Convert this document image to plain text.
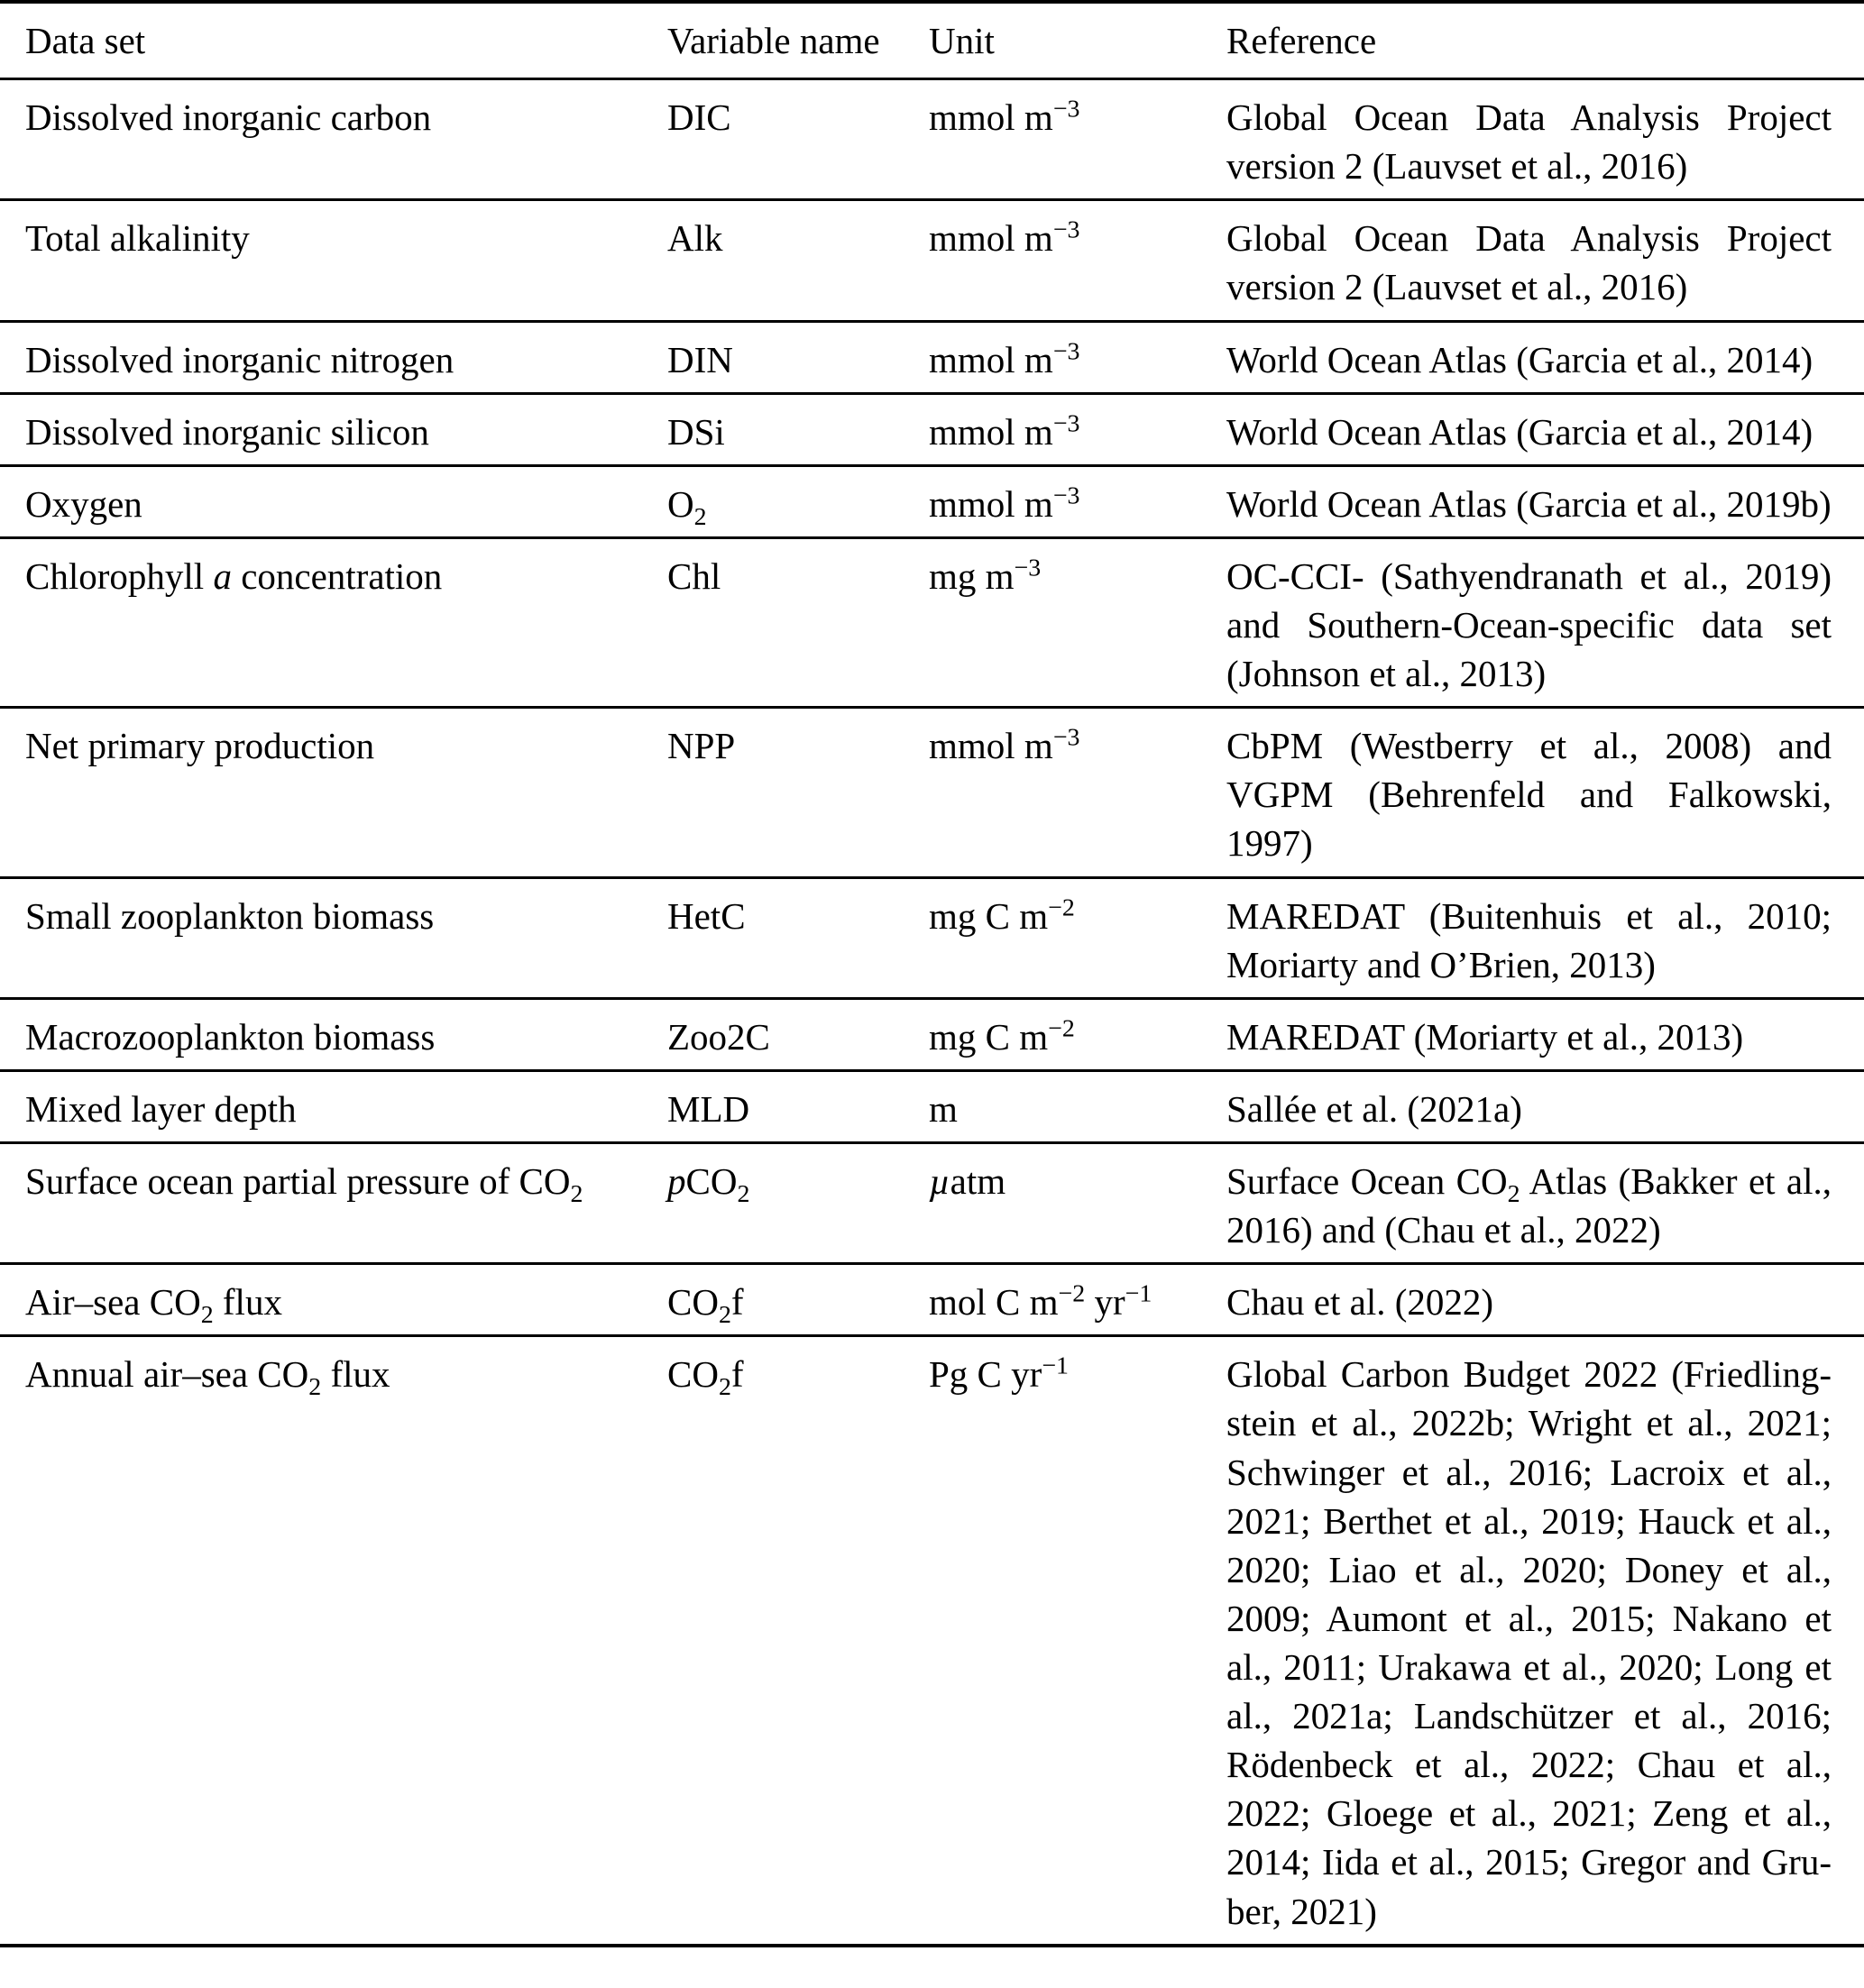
Data set	Variable name	Unit	Reference
Dissolved inorganic carbon	DIC	mmol $m^{-3}$	Global Ocean Data Analysis Project version 2 (Lauvset et al., 2016)
Total alkalinity	Alk	mmol $m^{-3}$	Global Ocean Data Analysis Project version 2 (Lauvset et al., 2016)
Dissolved inorganic nitrogen	DIN	mmol $m^{-3}$	World Ocean Atlas (Garcia et al., 2014)
Dissolved inorganic silicon	DSi	mmol $m^{-3}$	World Ocean Atlas (Garcia et al., 2014)
Oxygen	$O_2$	mmol $m^{-3}$	World Ocean Atlas (Garcia et al., 2019b)
Chlorophyll a concentration	Chl	mg $m^{-3}$	OC-CCI- (Sathyendranath et al., 2019) and Southern-Ocean-specific data set (Johnson et al., 2013)
Net primary production	NPP	mmol $m^{-3}$	CbPM (Westberry et al., 2008) and VGPM (Behrenfeld and Falkowski, 1997)
Small zooplankton biomass	HetC	mg C $m^{-2}$	MAREDAT (Buitenhuis et al., 2010; Moriarty and O’Brien, 2013)
Macrozooplankton biomass	Zoo2C	mg C $m^{-2}$	MAREDAT (Moriarty et al., 2013)
Mixed layer depth	MLD	m	Sallée et al. (2021a)
Surface ocean partial pressure of $CO_2$	pCO$_2$	µatm	Surface Ocean $CO_2$ Atlas (Bakker et al., 2016) and (Chau et al., 2022)
Air–sea $CO_2$ flux	$CO_2f$	mol C $m^{-2}$ $yr^{-1}$	Chau et al. (2022)
Annual air–sea $CO_2$ flux	$CO_2f$	Pg C $yr^{-1}$	Global Carbon Budget 2022 (Friedlingstein et al., 2022b; Wright et al., 2021; Schwinger et al., 2016; Lacroix et al., 2021; Berthet et al., 2019; Hauck et al., 2020; Liao et al., 2020; Doney et al., 2009; Aumont et al., 2015; Nakano et al., 2011; Urakawa et al., 2020; Long et al., 2021a; Landschützer et al., 2016; Rödenbeck et al., 2022; Chau et al., 2022; Gloege et al., 2021; Zeng et al., 2014; Iida et al., 2015; Gregor and Gruber, 2021)
